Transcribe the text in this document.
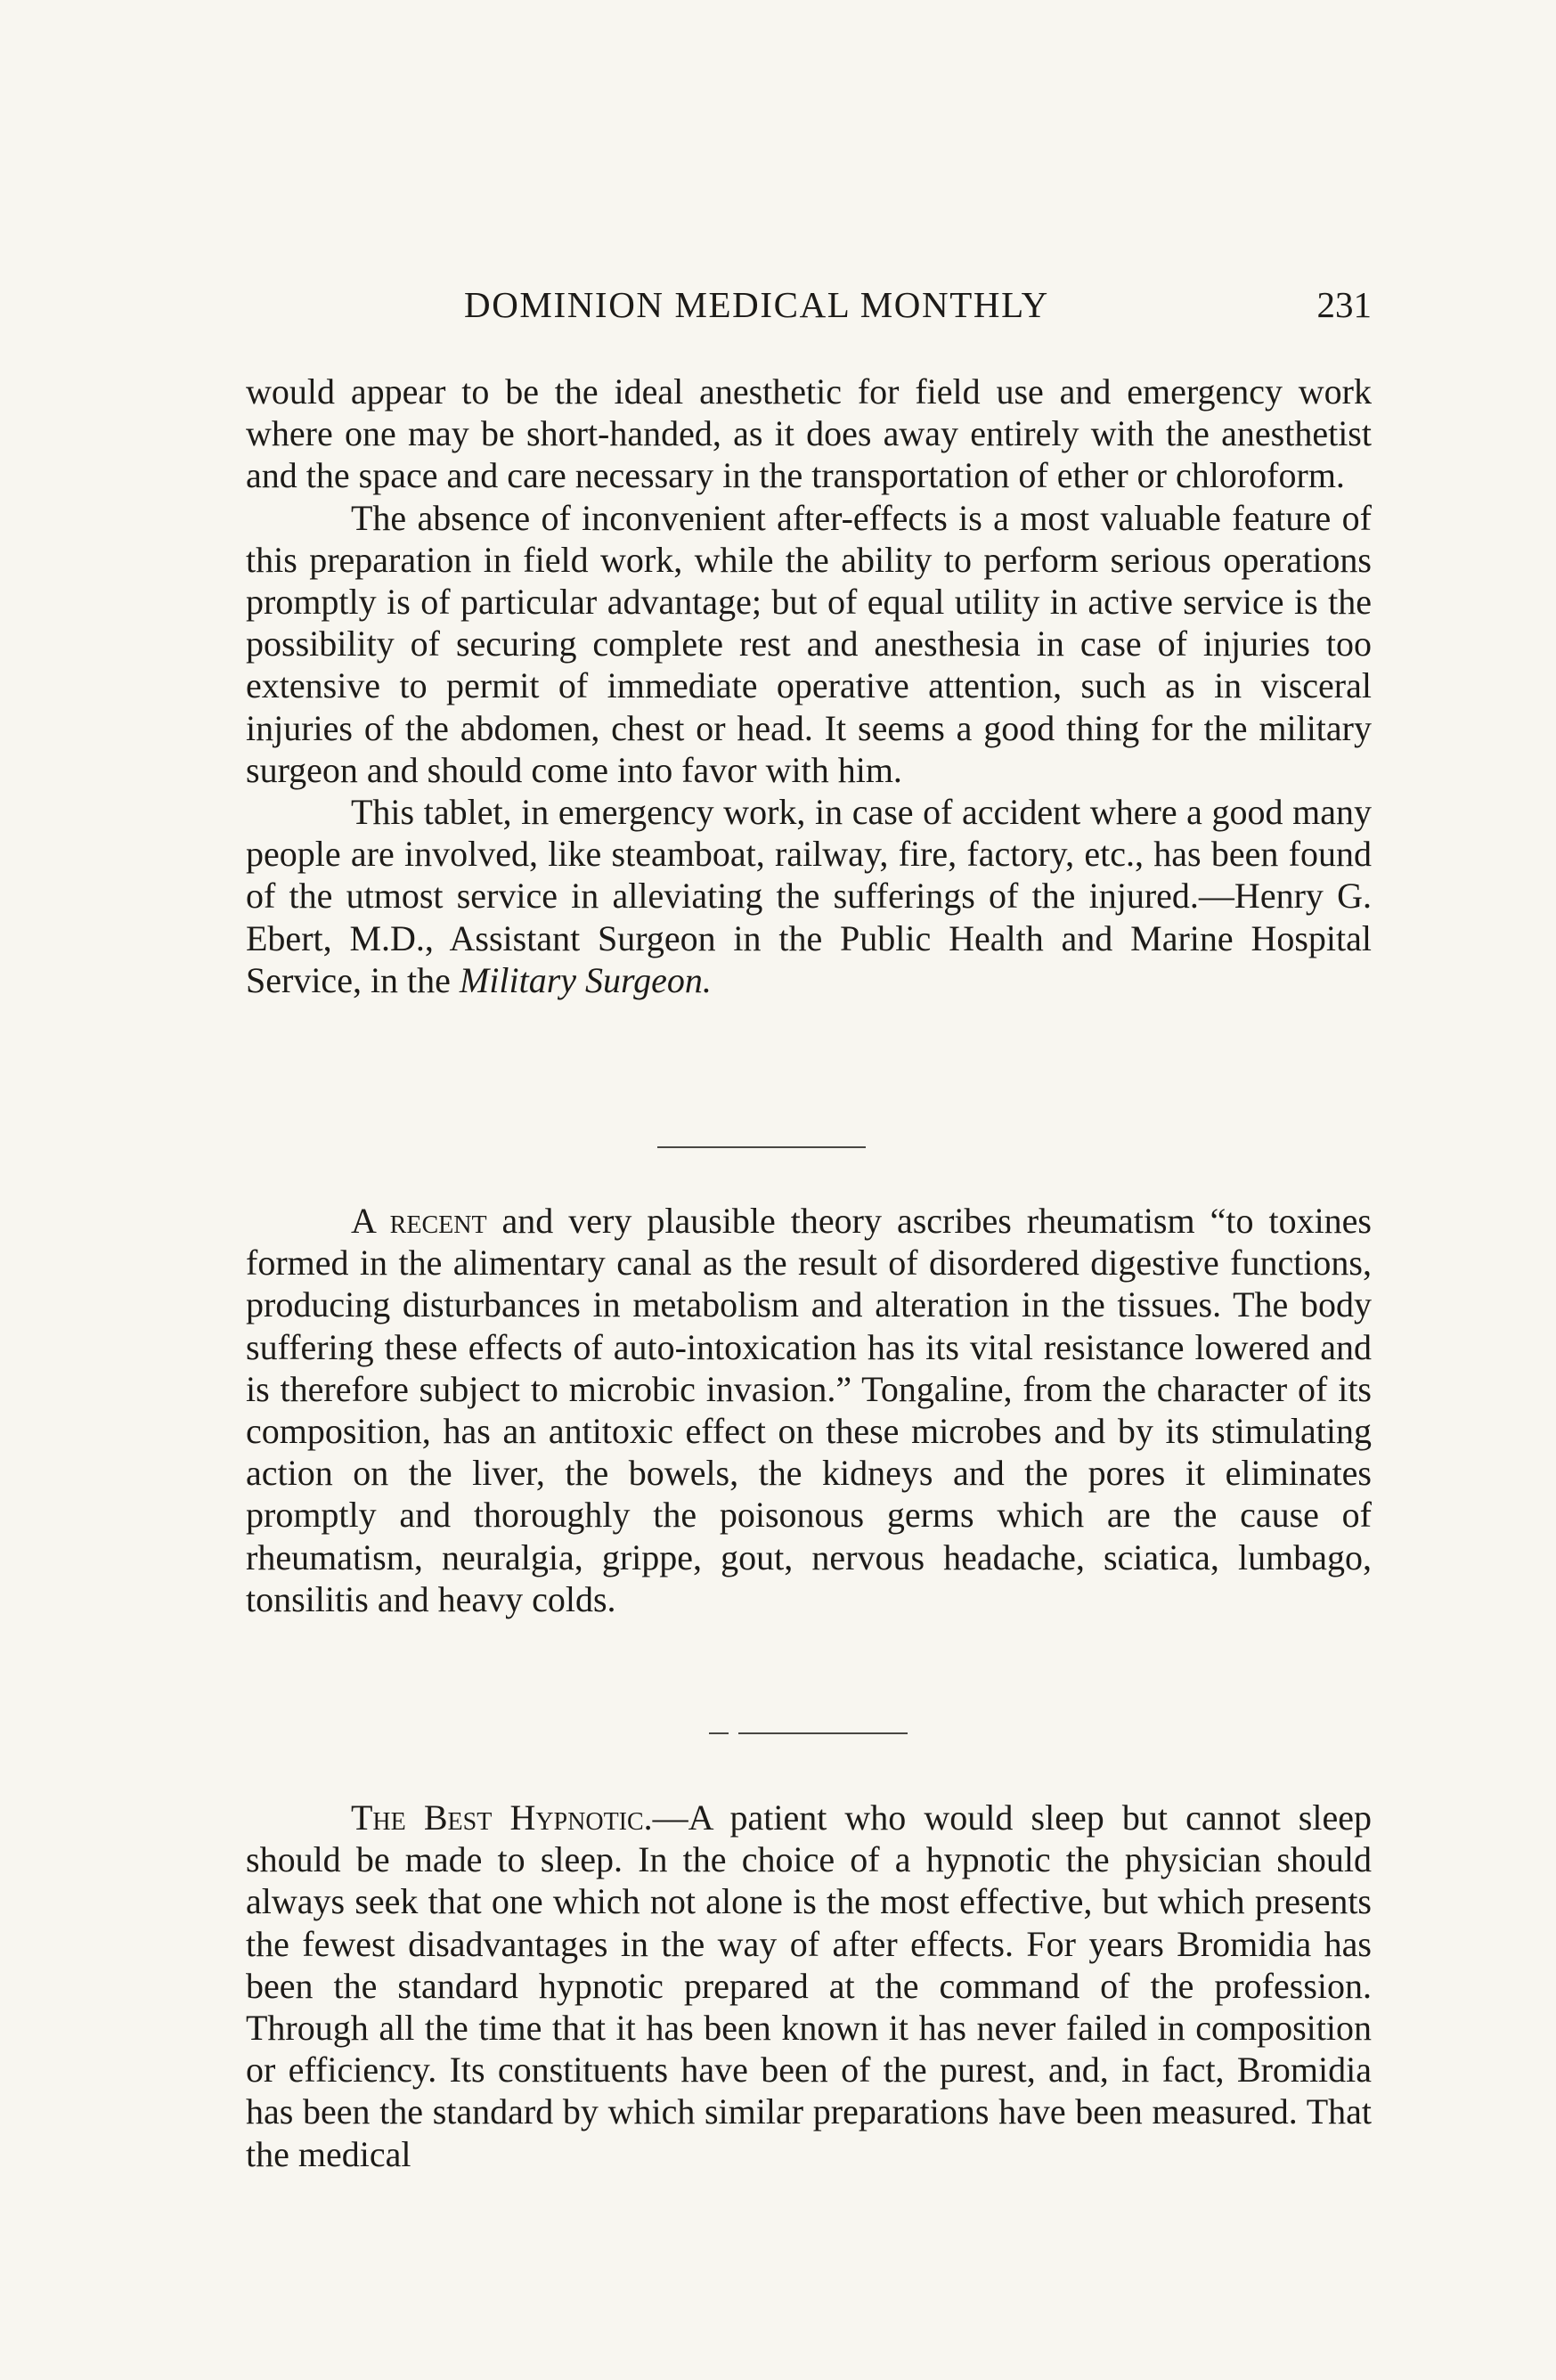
DOMINION MEDICAL MONTHLY	231

would appear to be the ideal anesthetic for field use and emergency work where one may be short-handed, as it does away entirely with the anesthetist and the space and care necessary in the transportation of ether or chloroform.

The absence of inconvenient after-effects is a most valuable feature of this preparation in field work, while the ability to perform serious operations promptly is of particular advantage; but of equal utility in active service is the possibility of securing complete rest and anesthesia in case of injuries too extensive to permit of immediate operative attention, such as in visceral injuries of the abdomen, chest or head. It seems a good thing for the military surgeon and should come into favor with him.

This tablet, in emergency work, in case of accident where a good many people are involved, like steamboat, railway, fire, factory, etc., has been found of the utmost service in alleviating the sufferings of the injured.—Henry G. Ebert, M.D., Assistant Surgeon in the Public Health and Marine Hospital Service, in the Military Surgeon.

A recent and very plausible theory ascribes rheumatism “to toxines formed in the alimentary canal as the result of disordered digestive functions, producing disturbances in metabolism and alteration in the tissues. The body suffering these effects of auto-intoxication has its vital resistance lowered and is therefore subject to microbic invasion.” Tongaline, from the character of its composition, has an antitoxic effect on these microbes and by its stimulating action on the liver, the bowels, the kidneys and the pores it eliminates promptly and thoroughly the poisonous germs which are the cause of rheumatism, neuralgia, grippe, gout, nervous headache, sciatica, lumbago, tonsilitis and heavy colds.

The Best Hypnotic.—A patient who would sleep but cannot sleep should be made to sleep. In the choice of a hypnotic the physician should always seek that one which not alone is the most effective, but which presents the fewest disadvantages in the way of after effects. For years Bromidia has been the standard hypnotic prepared at the command of the profession. Through all the time that it has been known it has never failed in composition or efficiency. Its constituents have been of the purest, and, in fact, Bromidia has been the standard by which similar preparations have been measured. That the medical
